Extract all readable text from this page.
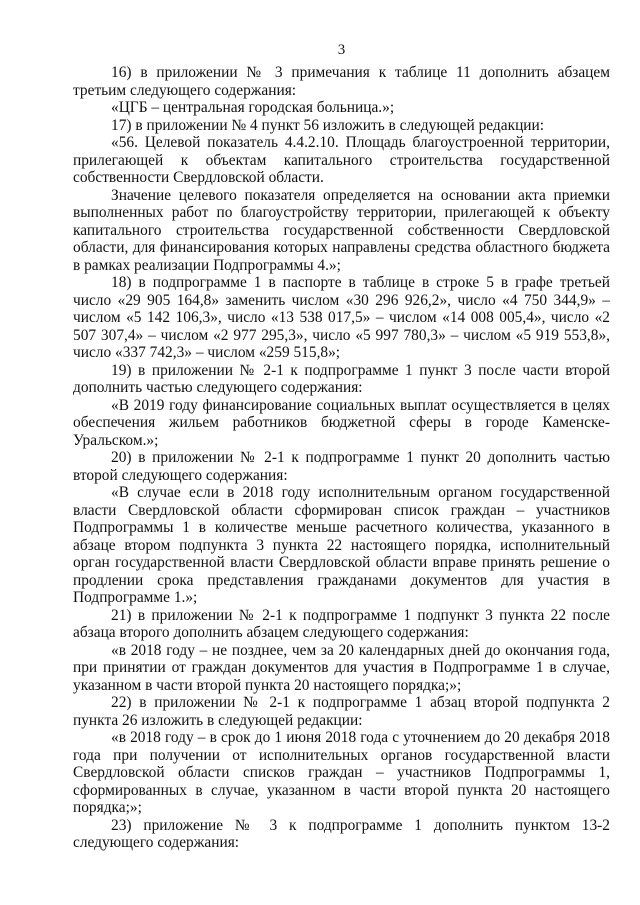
3

16) в приложении № 3 примечания к таблице 11 дополнить абзацем третьим следующего содержания:

«ЦГБ – центральная городская больница.»;

17) в приложении № 4 пункт 56 изложить в следующей редакции:

«56. Целевой показатель 4.4.2.10. Площадь благоустроенной территории, прилегающей к объектам капитального строительства государственной собственности Свердловской области.

Значение целевого показателя определяется на основании акта приемки выполненных работ по благоустройству территории, прилегающей к объекту капитального строительства государственной собственности Свердловской области, для финансирования которых направлены средства областного бюджета в рамках реализации Подпрограммы 4.»;

18) в подпрограмме 1 в паспорте в таблице в строке 5 в графе третьей число «29 905 164,8» заменить числом «30 296 926,2», число «4 750 344,9» – числом «5 142 106,3», число «13 538 017,5» – числом «14 008 005,4», число «2 507 307,4» – числом «2 977 295,3», число «5 997 780,3» – числом «5 919 553,8», число «337 742,3» – числом «259 515,8»;

19) в приложении № 2-1 к подпрограмме 1 пункт 3 после части второй дополнить частью следующего содержания:

«В 2019 году финансирование социальных выплат осуществляется в целях обеспечения жильем работников бюджетной сферы в городе Каменске-Уральском.»;

20) в приложении № 2-1 к подпрограмме 1 пункт 20 дополнить частью второй следующего содержания:

«В случае если в 2018 году исполнительным органом государственной власти Свердловской области сформирован список граждан – участников Подпрограммы 1 в количестве меньше расчетного количества, указанного в абзаце втором подпункта 3 пункта 22 настоящего порядка, исполнительный орган государственной власти Свердловской области вправе принять решение о продлении срока представления гражданами документов для участия в Подпрограмме 1.»;

21) в приложении № 2-1 к подпрограмме 1 подпункт 3 пункта 22 после абзаца второго дополнить абзацем следующего содержания:

«в 2018 году – не позднее, чем за 20 календарных дней до окончания года, при принятии от граждан документов для участия в Подпрограмме 1 в случае, указанном в части второй пункта 20 настоящего порядка;»;

22) в приложении № 2-1 к подпрограмме 1 абзац второй подпункта 2 пункта 26 изложить в следующей редакции:

«в 2018 году – в срок до 1 июня 2018 года с уточнением до 20 декабря 2018 года при получении от исполнительных органов государственной власти Свердловской области списков граждан – участников Подпрограммы 1, сформированных в случае, указанном в части второй пункта 20 настоящего порядка;»;

23) приложение № 3 к подпрограмме 1 дополнить пунктом 13-2 следующего содержания:
